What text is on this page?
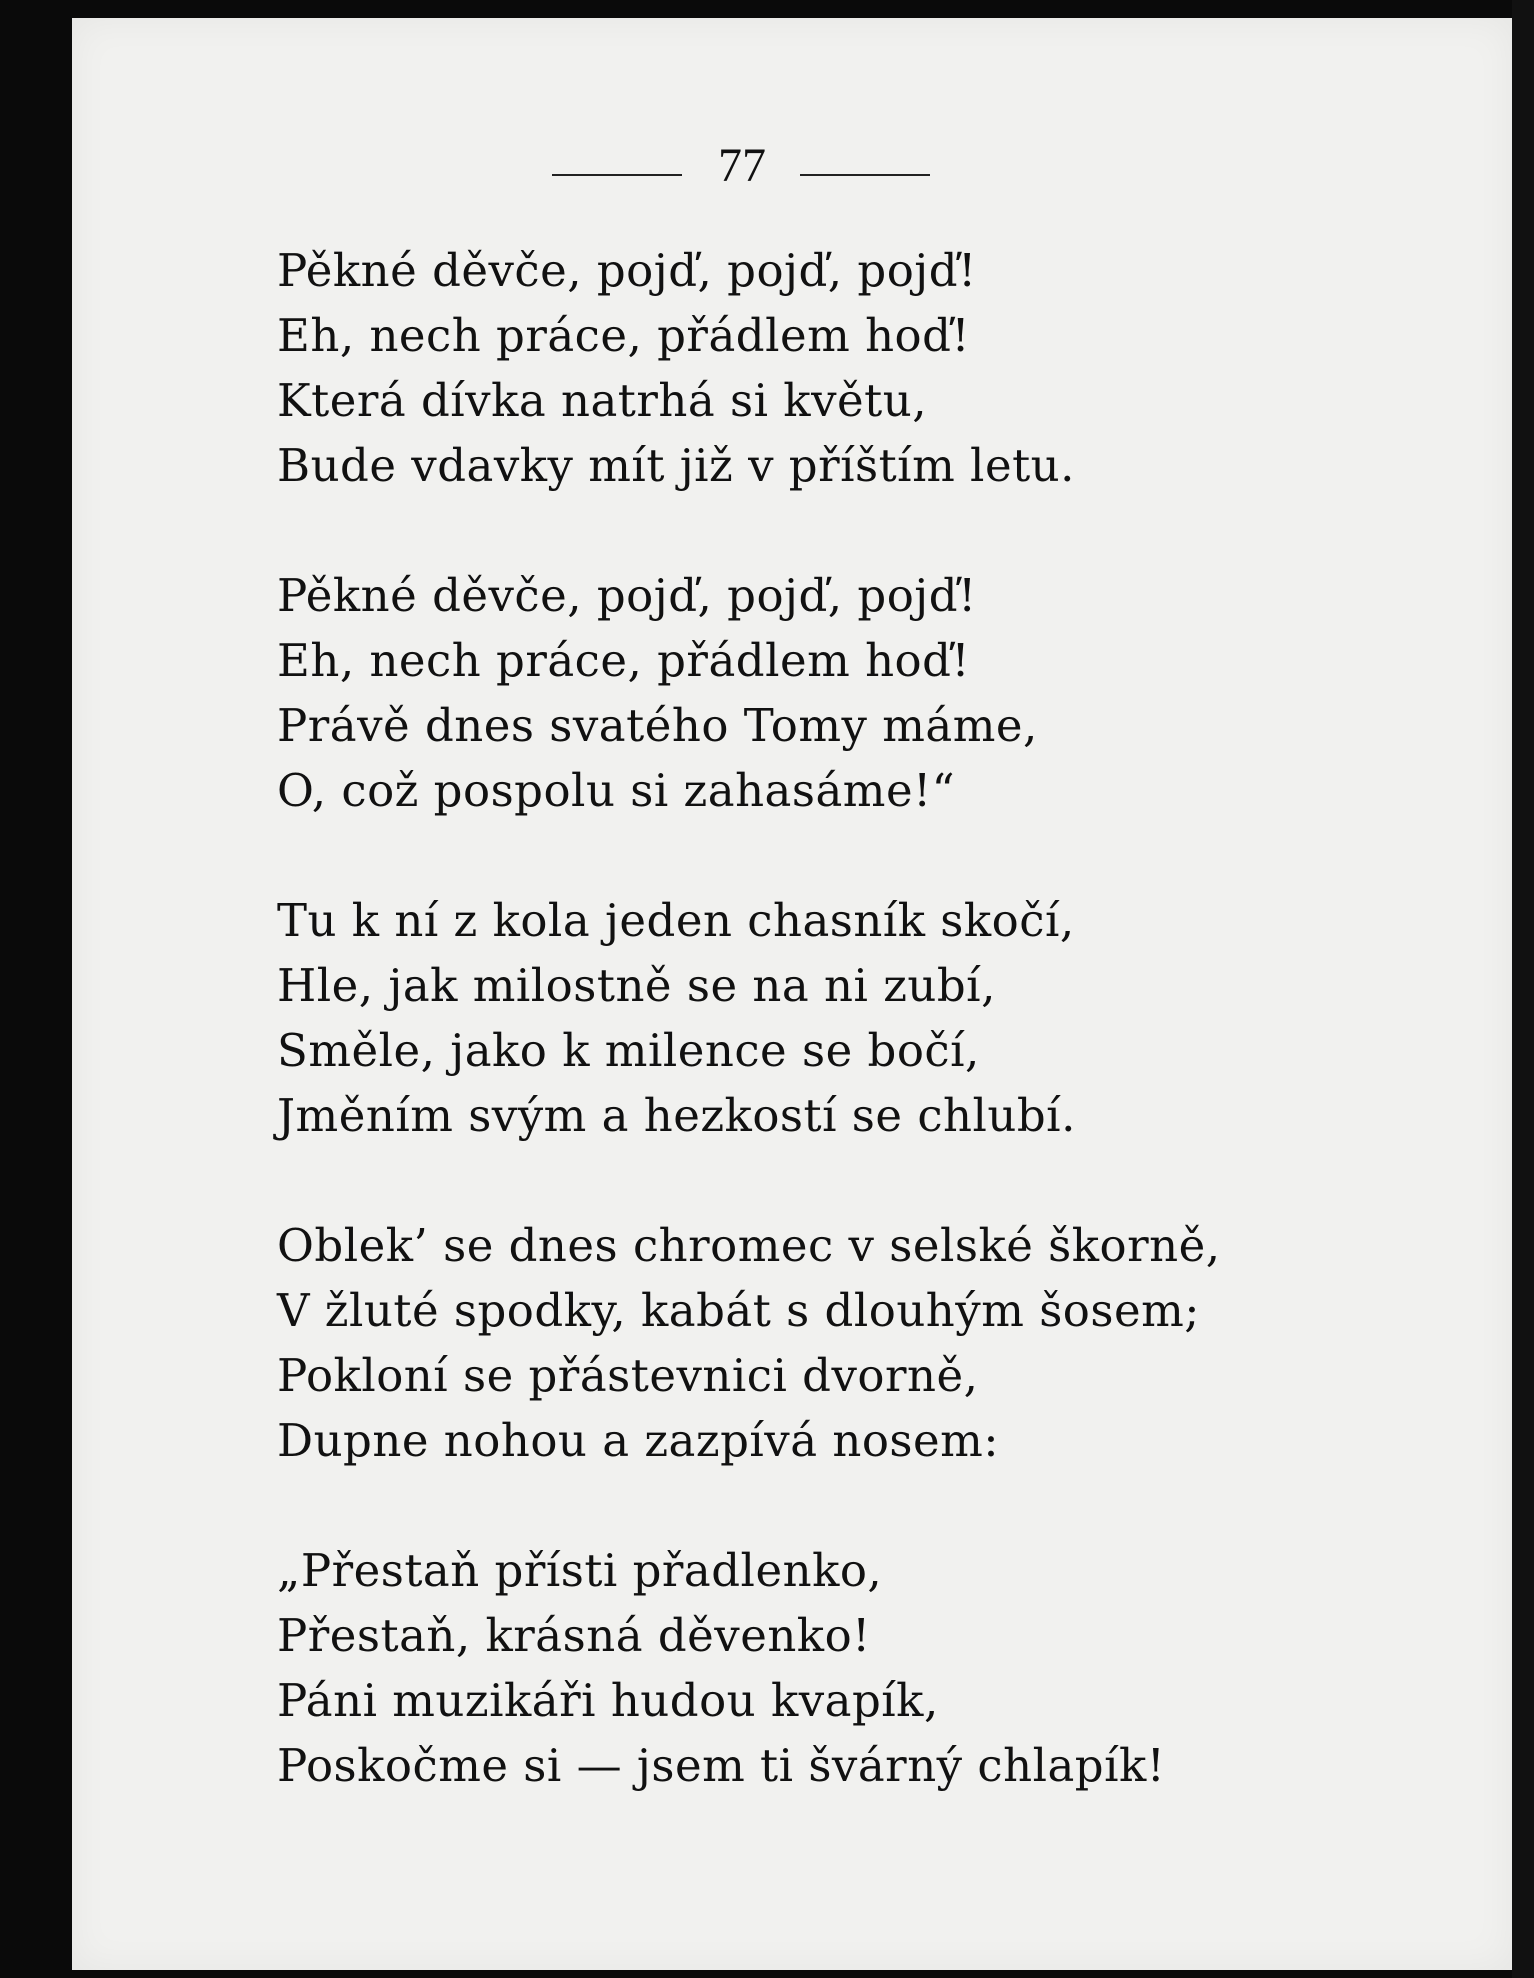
77
Pěkné děvče, pojď, pojď, pojď!
Eh, nech práce, přádlem hoď!
Která dívka natrhá si květu,
Bude vdavky mít již v příštím letu.
Pěkné děvče, pojď, pojď, pojď!
Eh, nech práce, přádlem hoď!
Právě dnes svatého Tomy máme,
O, což pospolu si zahasáme!“
Tu k ní z kola jeden chasník skočí,
Hle, jak milostně se na ni zubí,
Směle, jako k milence se bočí,
Jměním svým a hezkostí se chlubí.
Oblek’ se dnes chromec v selské škorně,
V žluté spodky, kabát s dlouhým šosem;
Pokloní se přástevnici dvorně,
Dupne nohou a zazpívá nosem:
„Přestaň přísti přadlenko,
Přestaň, krásná děvenko!
Páni muzikáři hudou kvapík,
Poskočme si — jsem ti švárný chlapík!
